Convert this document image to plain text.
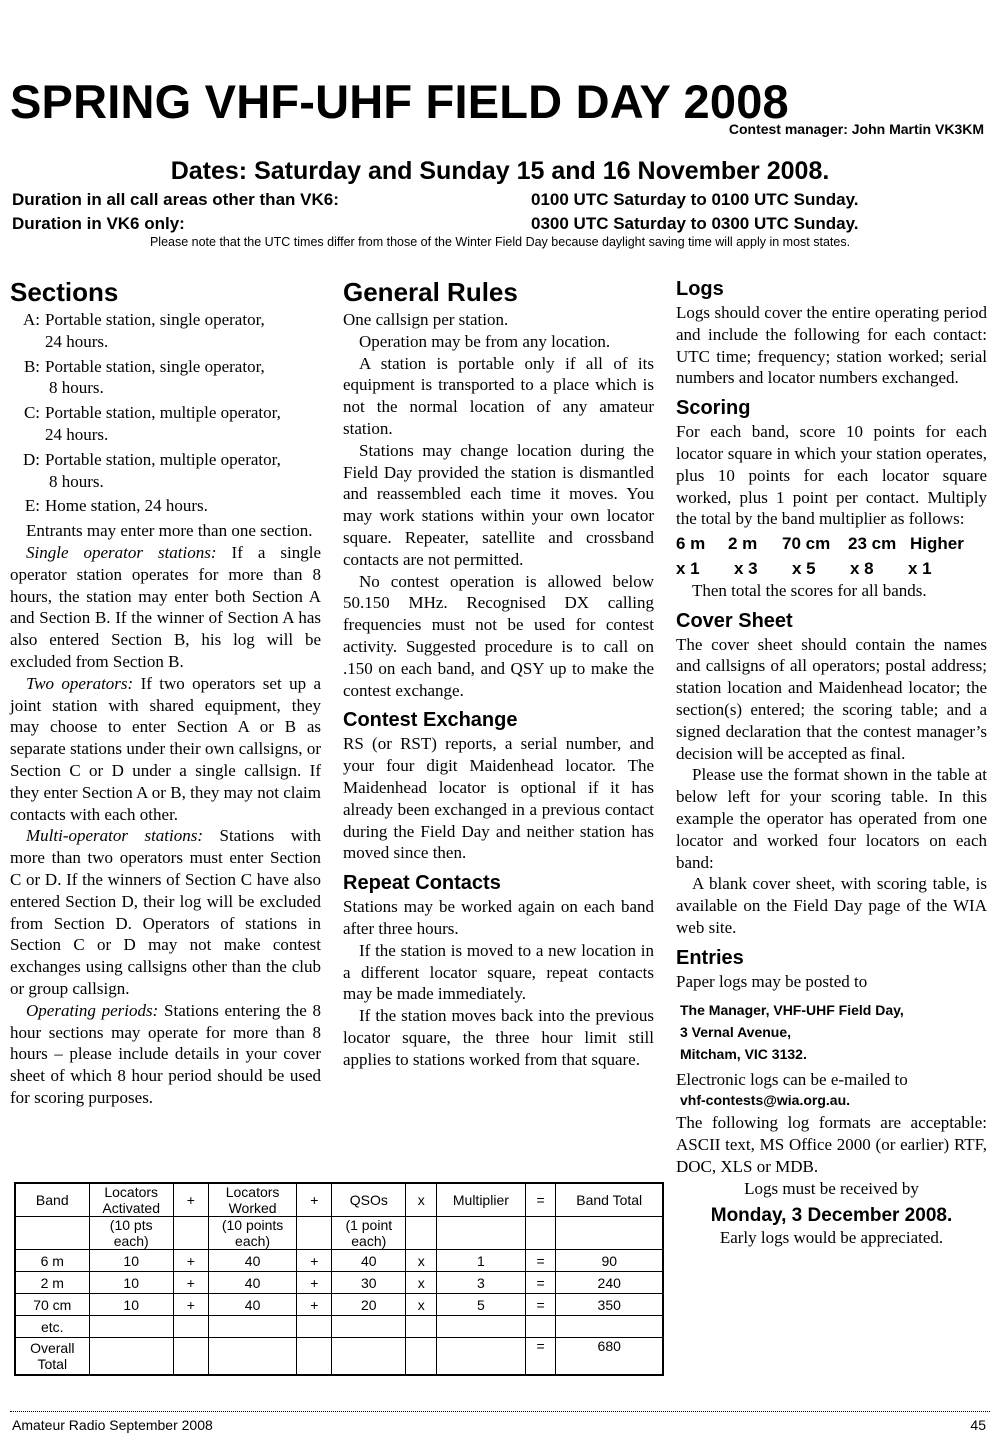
SPRING VHF-UHF FIELD DAY 2008
Contest manager: John Martin VK3KM
Dates: Saturday and Sunday 15 and 16 November 2008.
Duration in all call areas other than VK6:	0100 UTC Saturday to 0100 UTC Sunday.
Duration in VK6 only:	0300 UTC Saturday to 0300 UTC Sunday.
Please note that the UTC times differ from those of the Winter Field Day because daylight saving time will apply in most states.
Sections
A: Portable station, single operator,
24 hours.
B: Portable station, single operator,
8 hours.
C: Portable station, multiple operator,
24 hours.
D: Portable station, multiple operator,
8 hours.
E: Home station, 24 hours.

Entrants may enter more than one section.

Single operator stations: If a single operator station operates for more than 8 hours, the station may enter both Section A and Section B. If the winner of Section A has also entered Section B, his log will be excluded from Section B.

Two operators: If two operators set up a joint station with shared equipment, they may choose to enter Section A or B as separate stations under their own callsigns, or Section C or D under a single callsign. If they enter Section A or B, they may not claim contacts with each other.

Multi-operator stations: Stations with more than two operators must enter Section C or D. If the winners of Section C have also entered Section D, their log will be excluded from Section D. Operators of stations in Section C or D may not make contest exchanges using callsigns other than the club or group callsign.

Operating periods: Stations entering the 8 hour sections may operate for more than 8 hours – please include details in your cover sheet of which 8 hour period should be used for scoring purposes.

General Rules

One callsign per station.

Operation may be from any location.

A station is portable only if all of its equipment is transported to a place which is not the normal location of any amateur station.

Stations may change location during the Field Day provided the station is dismantled and reassembled each time it moves. You may work stations within your own locator square. Repeater, satellite and crossband contacts are not permitted.

No contest operation is allowed below 50.150 MHz. Recognised DX calling frequencies must not be used for contest activity. Suggested procedure is to call on .150 on each band, and QSY up to make the contest exchange.

Contest Exchange

RS (or RST) reports, a serial number, and your four digit Maidenhead locator. The Maidenhead locator is optional if it has already been exchanged in a previous contact during the Field Day and neither station has moved since then.

Repeat Contacts

Stations may be worked again on each band after three hours.

If the station is moved to a new location in a different locator square, repeat contacts may be made immediately.

If the station moves back into the previous locator square, the three hour limit still applies to stations worked from that square.

Logs

Logs should cover the entire operating period and include the following for each contact: UTC time; frequency; station worked; serial numbers and locator numbers exchanged.

Scoring

For each band, score 10 points for each locator square in which your station operates, plus 10 points for each locator square worked, plus 1 point per contact. Multiply the total by the band multiplier as follows:

6 m	2 m	70 cm	23 cm Higher
x 1	x 3	x 5	x 8	x 1

Then total the scores for all bands.

Cover Sheet

The cover sheet should contain the names and callsigns of all operators; postal address; station location and Maidenhead locator; the section(s) entered; the scoring table; and a signed declaration that the contest manager’s decision will be accepted as final.

Please use the format shown in the table at below left for your scoring table. In this example the operator has operated from one locator and worked four locators on each band:

A blank cover sheet, with scoring table, is available on the Field Day page of the WIA web site.

Entries

Paper logs may be posted to

The Manager, VHF-UHF Field Day,
3 Vernal Avenue,
Mitcham, VIC 3132.

Electronic logs can be e-mailed to

vhf-contests@wia.org.au.

The following log formats are acceptable: ASCII text, MS Office 2000 (or earlier) RTF, DOC, XLS or MDB.

Logs must be received by

Monday, 3 December 2008.

Early logs would be appreciated.

Band	Locators Activated	+	Locators Worked	+	QSOs	x	Multiplier	=	Band Total
	(10 pts each)		(10 points each)		(1 point each)				
6 m	10	+	40	+	40	x	1	=	90
2 m	10	+	40	+	30	x	3	=	240
70 cm	10	+	40	+	20	x	5	=	350
etc.									
Overall Total								=	680
Amateur Radio September 2008	45
